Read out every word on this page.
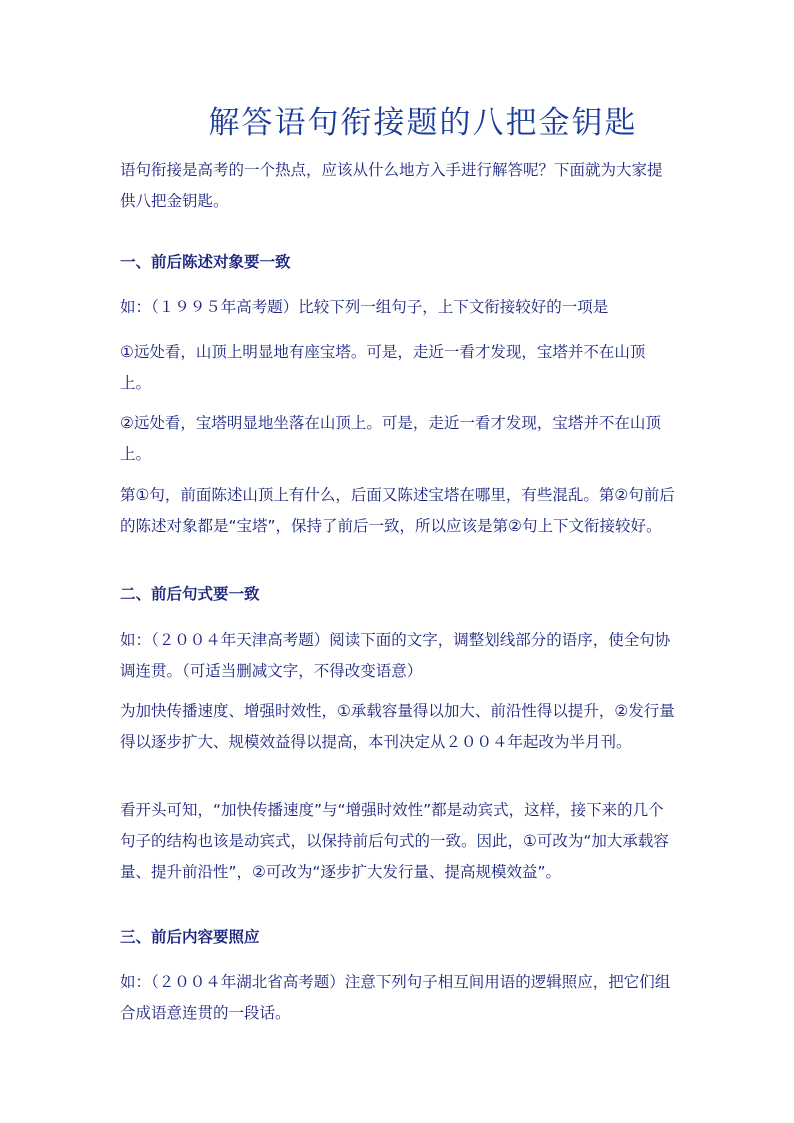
解答语句衔接题的八把金钥匙

语句衔接是高考的一个热点，应该从什么地方入手进行解答呢？下面就为大家提供八把金钥匙。

一、前后陈述对象要一致

如：（１９９５年高考题）比较下列一组句子，上下文衔接较好的一项是

①远处看，山顶上明显地有座宝塔。可是，走近一看才发现，宝塔并不在山顶上。

②远处看，宝塔明显地坐落在山顶上。可是，走近一看才发现，宝塔并不在山顶上。

第①句，前面陈述山顶上有什么，后面又陈述宝塔在哪里，有些混乱。第②句前后的陈述对象都是“宝塔”，保持了前后一致，所以应该是第②句上下文衔接较好。

二、前后句式要一致

如：（２００４年天津高考题）阅读下面的文字，调整划线部分的语序，使全句协调连贯。（可适当删减文字，不得改变语意）

为加快传播速度、增强时效性，①承载容量得以加大、前沿性得以提升，②发行量得以逐步扩大、规模效益得以提高，本刊决定从２００４年起改为半月刊。

看开头可知，“加快传播速度”与“增强时效性”都是动宾式，这样，接下来的几个句子的结构也该是动宾式，以保持前后句式的一致。因此，①可改为“加大承载容量、提升前沿性”，②可改为“逐步扩大发行量、提高规模效益”。

三、前后内容要照应

如：（２００４年湖北省高考题）注意下列句子相互间用语的逻辑照应，把它们组合成语意连贯的一段话。
